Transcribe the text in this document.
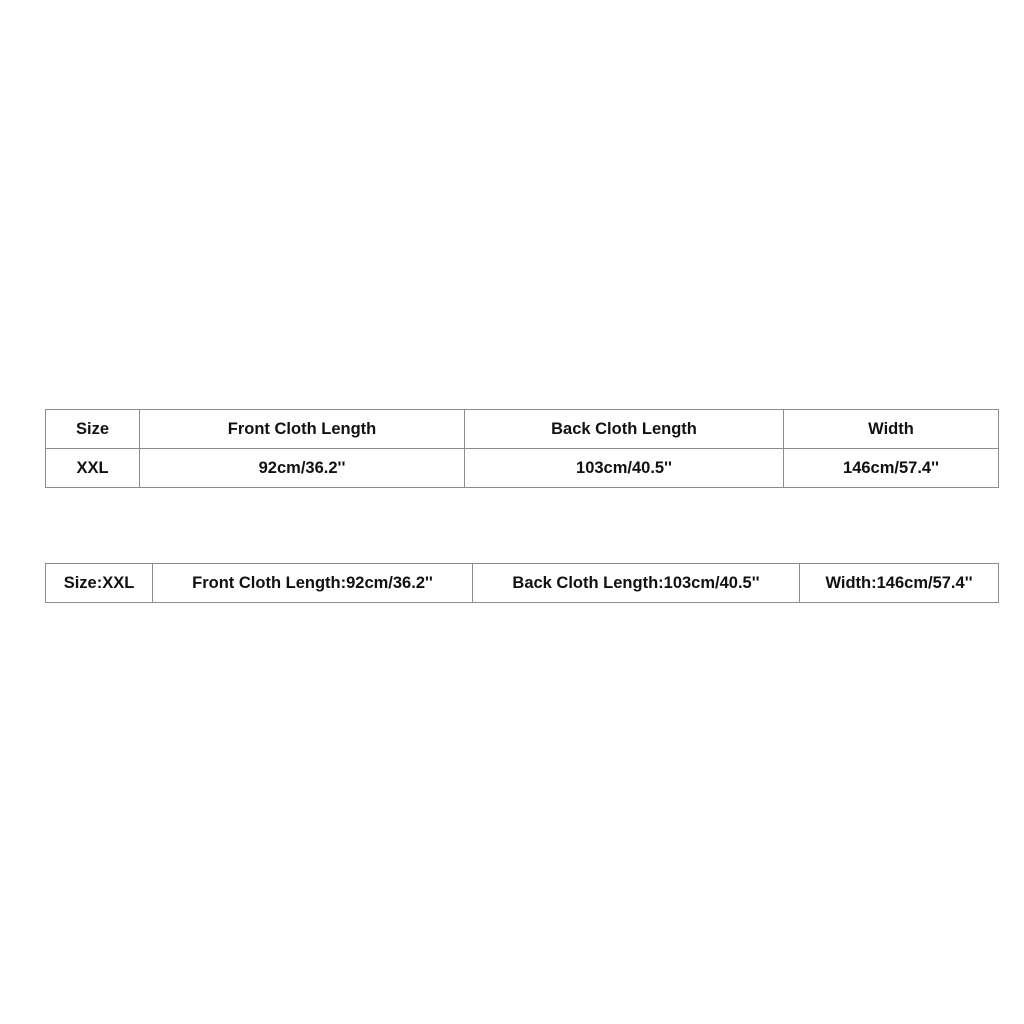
Size	Front Cloth Length	Back Cloth Length	Width
XXL	92cm/36.2''	103cm/40.5''	146cm/57.4''
Size:XXL	Front Cloth Length:92cm/36.2''	Back Cloth Length:103cm/40.5''	Width:146cm/57.4''
